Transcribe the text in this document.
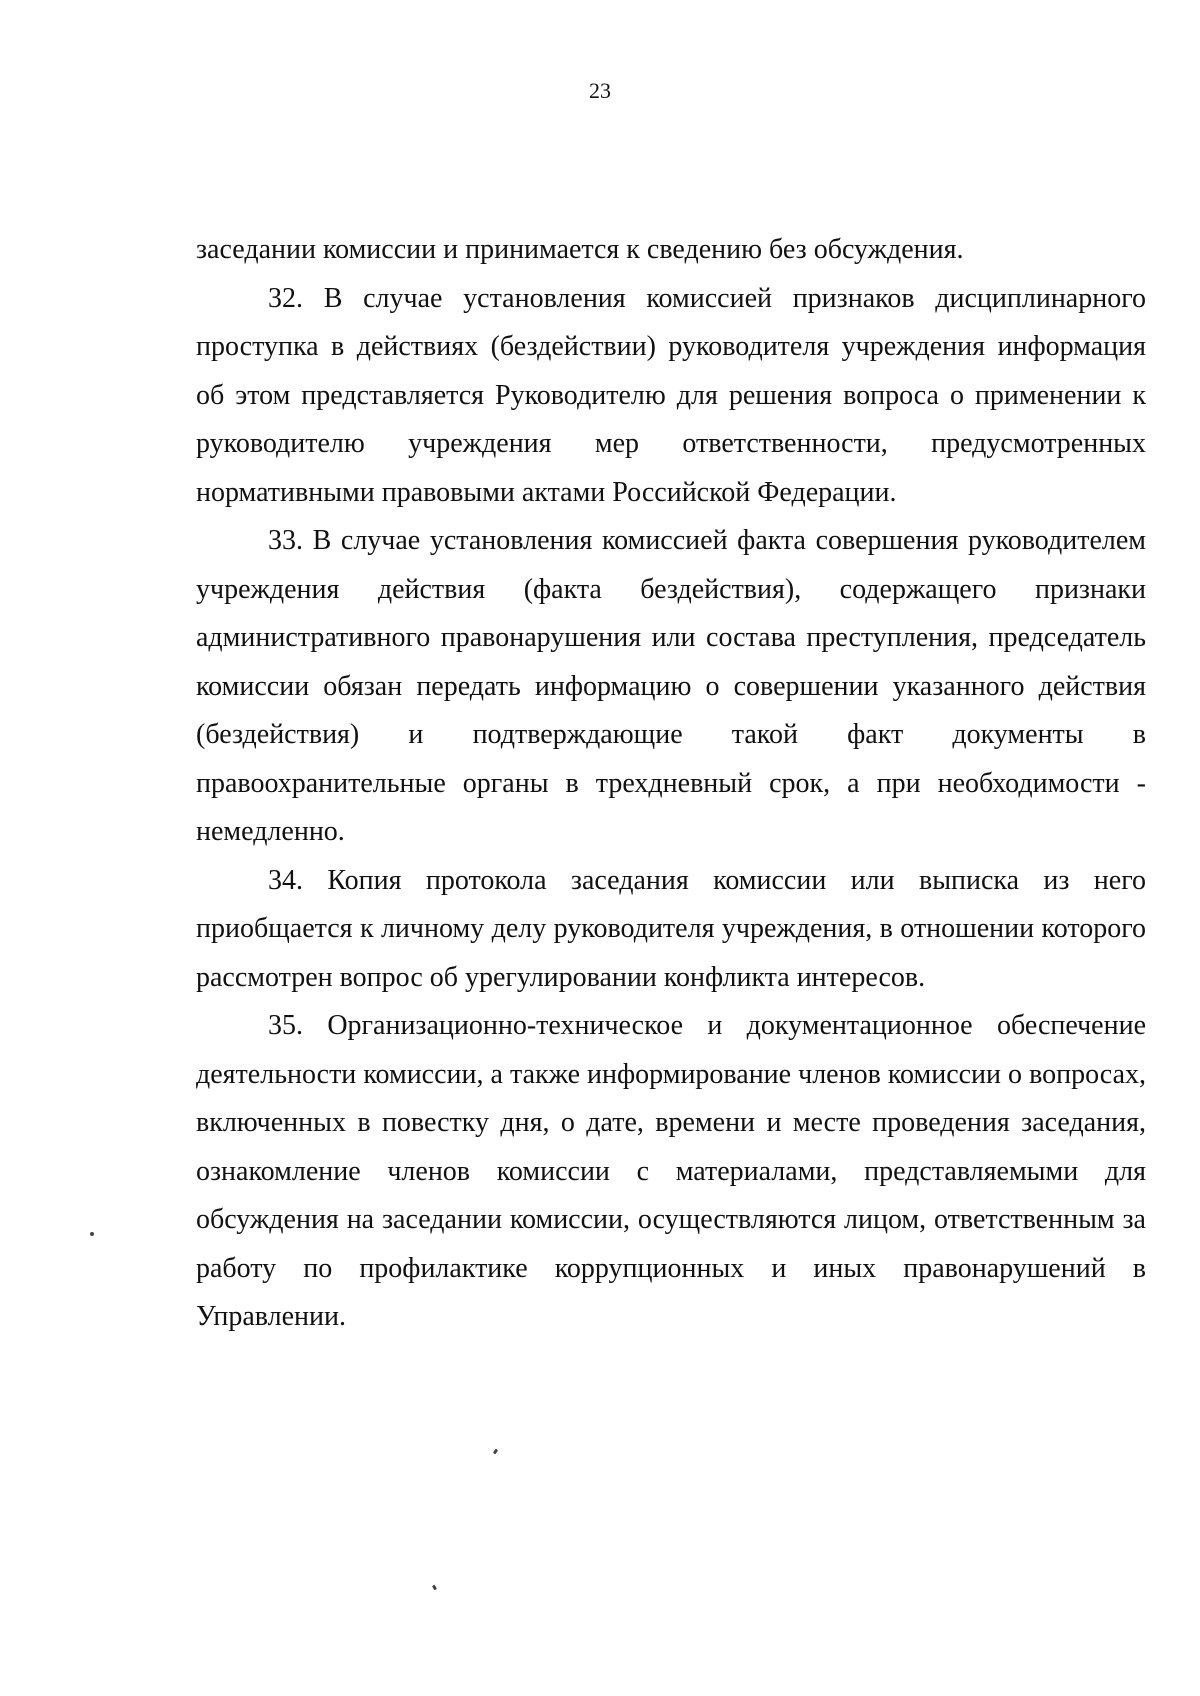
23

заседании комиссии и принимается к сведению без обсуждения.

32. В случае установления комиссией признаков дисциплинарного проступка в действиях (бездействии) руководителя учреждения информация об этом представляется Руководителю для решения вопроса о применении к руководителю учреждения мер ответственности, предусмотренных нормативными правовыми актами Российской Федерации.

33. В случае установления комиссией факта совершения руководителем учреждения действия (факта бездействия), содержащего признаки административного правонарушения или состава преступления, председатель комиссии обязан передать информацию о совершении указанного действия (бездействия) и подтверждающие такой факт документы в правоохранительные органы в трехдневный срок, а при необходимости - немедленно.

34. Копия протокола заседания комиссии или выписка из него приобщается к личному делу руководителя учреждения, в отношении которого рассмотрен вопрос об урегулировании конфликта интересов.

35. Организационно-техническое и документационное обеспечение деятельности комиссии, а также информирование членов комиссии о вопросах, включенных в повестку дня, о дате, времени и месте проведения заседания, ознакомление членов комиссии с материалами, представляемыми для обсуждения на заседании комиссии, осуществляются лицом, ответственным за работу по профилактике коррупционных и иных правонарушений в Управлении.
